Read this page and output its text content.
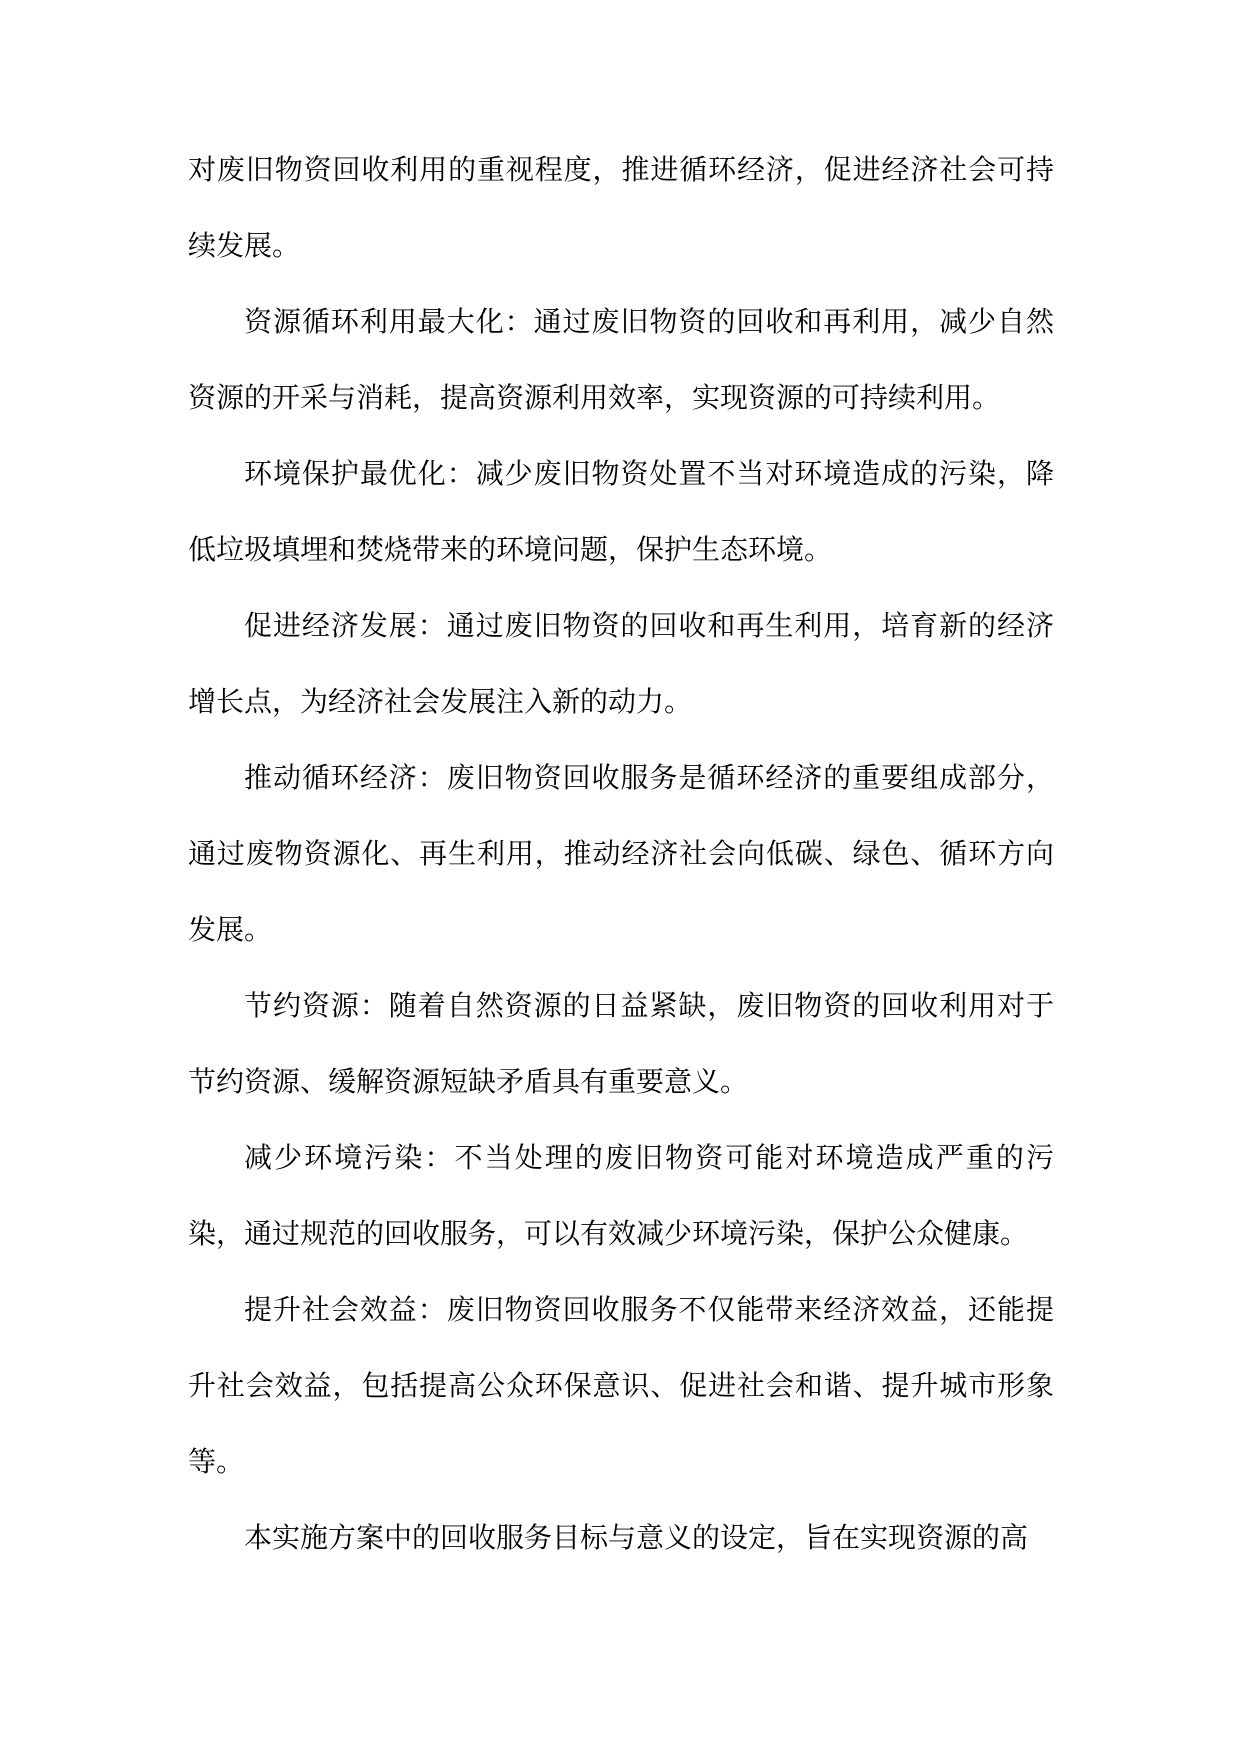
对废旧物资回收利用的重视程度，推进循环经济，促进经济社会可持续发展。

资源循环利用最大化：通过废旧物资的回收和再利用，减少自然资源的开采与消耗，提高资源利用效率，实现资源的可持续利用。

环境保护最优化：减少废旧物资处置不当对环境造成的污染，降低垃圾填埋和焚烧带来的环境问题，保护生态环境。

促进经济发展：通过废旧物资的回收和再生利用，培育新的经济增长点，为经济社会发展注入新的动力。

推动循环经济：废旧物资回收服务是循环经济的重要组成部分，通过废物资源化、再生利用，推动经济社会向低碳、绿色、循环方向发展。

节约资源：随着自然资源的日益紧缺，废旧物资的回收利用对于节约资源、缓解资源短缺矛盾具有重要意义。

减少环境污染：不当处理的废旧物资可能对环境造成严重的污染，通过规范的回收服务，可以有效减少环境污染，保护公众健康。

提升社会效益：废旧物资回收服务不仅能带来经济效益，还能提升社会效益，包括提高公众环保意识、促进社会和谐、提升城市形象等。

本实施方案中的回收服务目标与意义的设定，旨在实现资源的高
